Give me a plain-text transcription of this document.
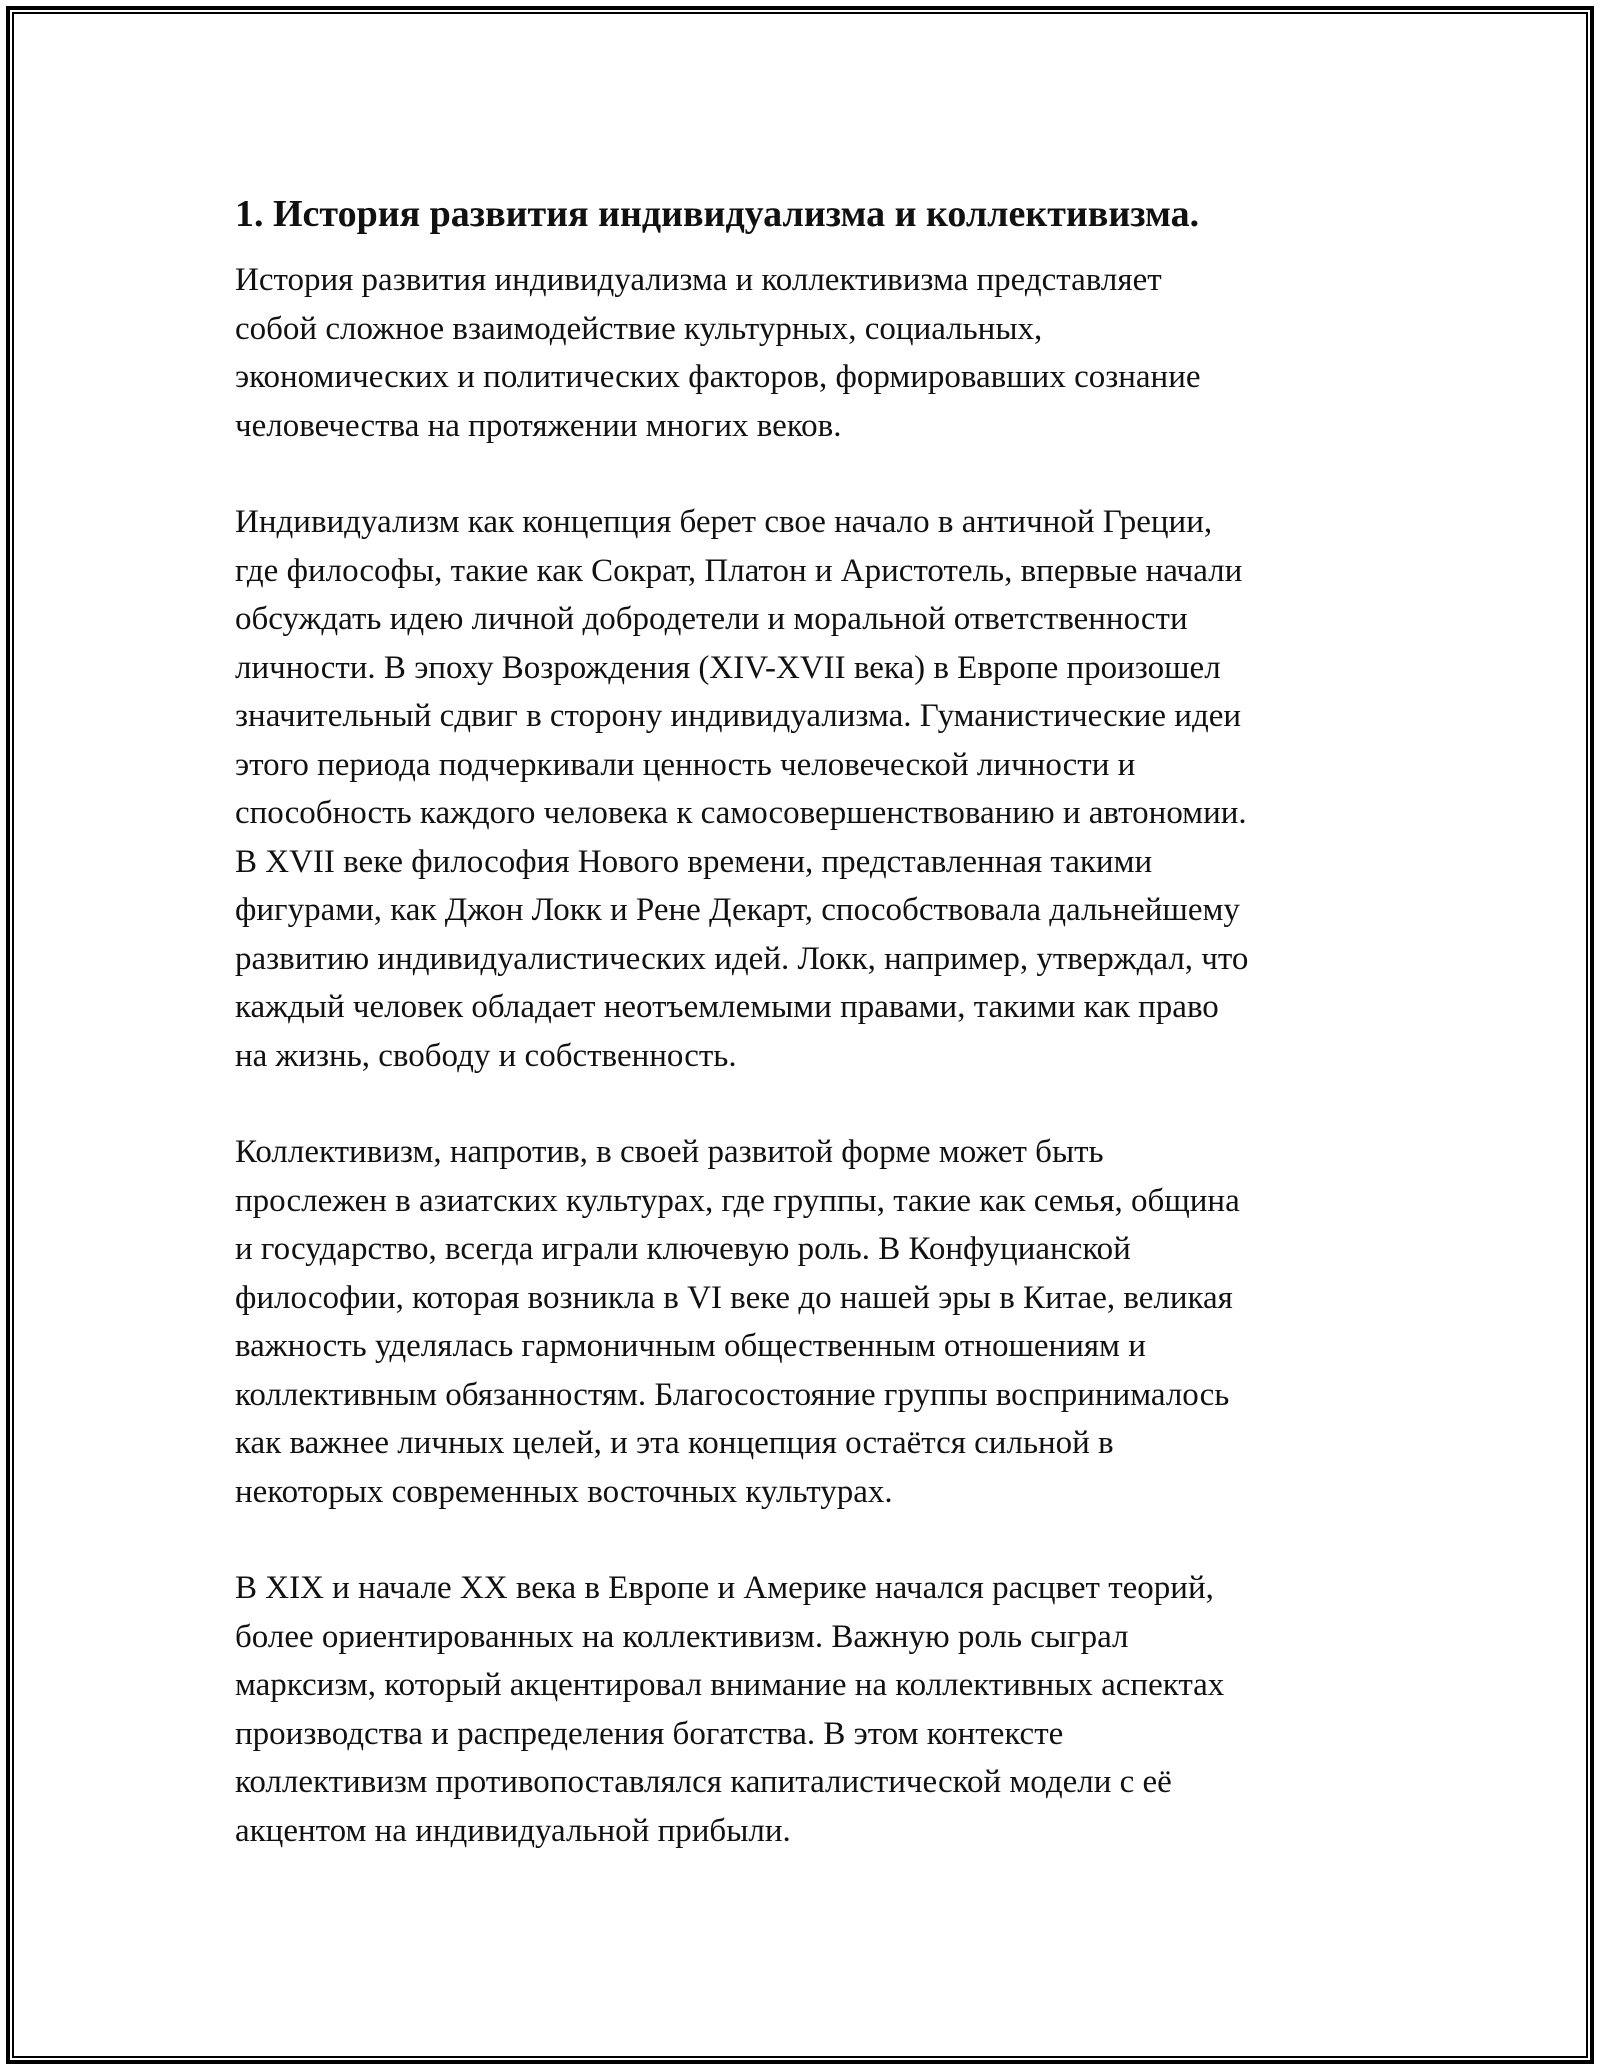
1. История развития индивидуализма и коллективизма.

История развития индивидуализма и коллективизма представляет
собой сложное взаимодействие культурных, социальных,
экономических и политических факторов, формировавших сознание
человечества на протяжении многих веков.

Индивидуализм как концепция берет свое начало в античной Греции,
где философы, такие как Сократ, Платон и Аристотель, впервые начали
обсуждать идею личной добродетели и моральной ответственности
личности. В эпоху Возрождения (XIV-XVII века) в Европе произошел
значительный сдвиг в сторону индивидуализма. Гуманистические идеи
этого периода подчеркивали ценность человеческой личности и
способность каждого человека к самосовершенствованию и автономии.
В XVII веке философия Нового времени, представленная такими
фигурами, как Джон Локк и Рене Декарт, способствовала дальнейшему
развитию индивидуалистических идей. Локк, например, утверждал, что
каждый человек обладает неотъемлемыми правами, такими как право
на жизнь, свободу и собственность.

Коллективизм, напротив, в своей развитой форме может быть
прослежен в азиатских культурах, где группы, такие как семья, община
и государство, всегда играли ключевую роль. В Конфуцианской
философии, которая возникла в VI веке до нашей эры в Китае, великая
важность уделялась гармоничным общественным отношениям и
коллективным обязанностям. Благосостояние группы воспринималось
как важнее личных целей, и эта концепция остаётся сильной в
некоторых современных восточных культурах.

В XIX и начале XX века в Европе и Америке начался расцвет теорий,
более ориентированных на коллективизм. Важную роль сыграл
марксизм, который акцентировал внимание на коллективных аспектах
производства и распределения богатства. В этом контексте
коллективизм противопоставлялся капиталистической модели с её
акцентом на индивидуальной прибыли.
